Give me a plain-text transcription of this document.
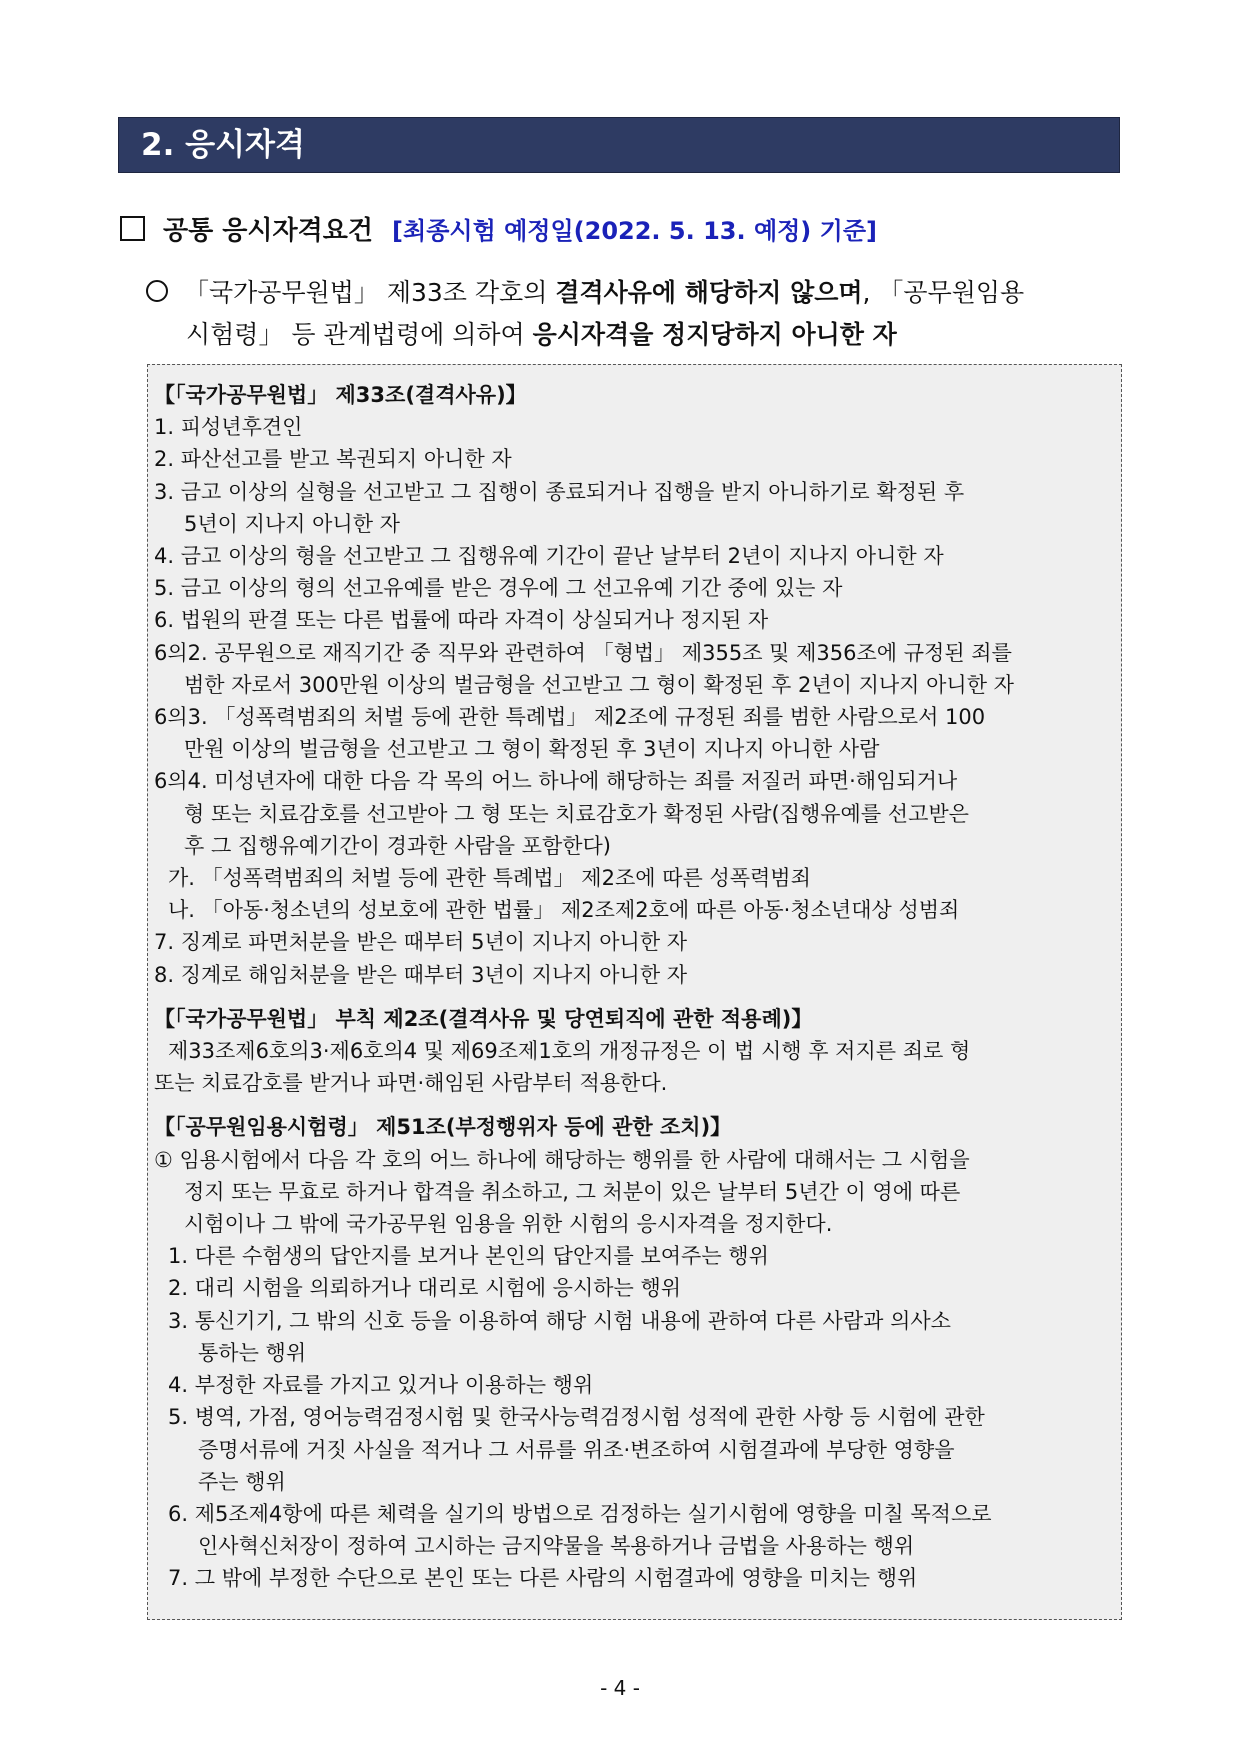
2. 응시자격
공통 응시자격요건 [최종시험 예정일(2022. 5. 13. 예정) 기준]
「국가공무원법」 제33조 각호의 결격사유에 해당하지 않으며, 「공무원임용
시험령」 등 관계법령에 의하여 응시자격을 정지당하지 아니한 자
【「국가공무원법」 제33조(결격사유)】
1. 피성년후견인
2. 파산선고를 받고 복권되지 아니한 자
3. 금고 이상의 실형을 선고받고 그 집행이 종료되거나 집행을 받지 아니하기로 확정된 후
5년이 지나지 아니한 자
4. 금고 이상의 형을 선고받고 그 집행유예 기간이 끝난 날부터 2년이 지나지 아니한 자
5. 금고 이상의 형의 선고유예를 받은 경우에 그 선고유예 기간 중에 있는 자
6. 법원의 판결 또는 다른 법률에 따라 자격이 상실되거나 정지된 자
6의2. 공무원으로 재직기간 중 직무와 관련하여 「형법」 제355조 및 제356조에 규정된 죄를
범한 자로서 300만원 이상의 벌금형을 선고받고 그 형이 확정된 후 2년이 지나지 아니한 자
6의3. 「성폭력범죄의 처벌 등에 관한 특례법」 제2조에 규정된 죄를 범한 사람으로서 100
만원 이상의 벌금형을 선고받고 그 형이 확정된 후 3년이 지나지 아니한 사람
6의4. 미성년자에 대한 다음 각 목의 어느 하나에 해당하는 죄를 저질러 파면·해임되거나
형 또는 치료감호를 선고받아 그 형 또는 치료감호가 확정된 사람(집행유예를 선고받은
후 그 집행유예기간이 경과한 사람을 포함한다)
가. 「성폭력범죄의 처벌 등에 관한 특례법」 제2조에 따른 성폭력범죄
나. 「아동·청소년의 성보호에 관한 법률」 제2조제2호에 따른 아동·청소년대상 성범죄
7. 징계로 파면처분을 받은 때부터 5년이 지나지 아니한 자
8. 징계로 해임처분을 받은 때부터 3년이 지나지 아니한 자
【「국가공무원법」 부칙 제2조(결격사유 및 당연퇴직에 관한 적용례)】
제33조제6호의3·제6호의4 및 제69조제1호의 개정규정은 이 법 시행 후 저지른 죄로 형
또는 치료감호를 받거나 파면·해임된 사람부터 적용한다.
【「공무원임용시험령」 제51조(부정행위자 등에 관한 조치)】
① 임용시험에서 다음 각 호의 어느 하나에 해당하는 행위를 한 사람에 대해서는 그 시험을
정지 또는 무효로 하거나 합격을 취소하고, 그 처분이 있은 날부터 5년간 이 영에 따른
시험이나 그 밖에 국가공무원 임용을 위한 시험의 응시자격을 정지한다.
1. 다른 수험생의 답안지를 보거나 본인의 답안지를 보여주는 행위
2. 대리 시험을 의뢰하거나 대리로 시험에 응시하는 행위
3. 통신기기, 그 밖의 신호 등을 이용하여 해당 시험 내용에 관하여 다른 사람과 의사소
통하는 행위
4. 부정한 자료를 가지고 있거나 이용하는 행위
5. 병역, 가점, 영어능력검정시험 및 한국사능력검정시험 성적에 관한 사항 등 시험에 관한
증명서류에 거짓 사실을 적거나 그 서류를 위조·변조하여 시험결과에 부당한 영향을
주는 행위
6. 제5조제4항에 따른 체력을 실기의 방법으로 검정하는 실기시험에 영향을 미칠 목적으로
인사혁신처장이 정하여 고시하는 금지약물을 복용하거나 금법을 사용하는 행위
7. 그 밖에 부정한 수단으로 본인 또는 다른 사람의 시험결과에 영향을 미치는 행위
- 4 -
